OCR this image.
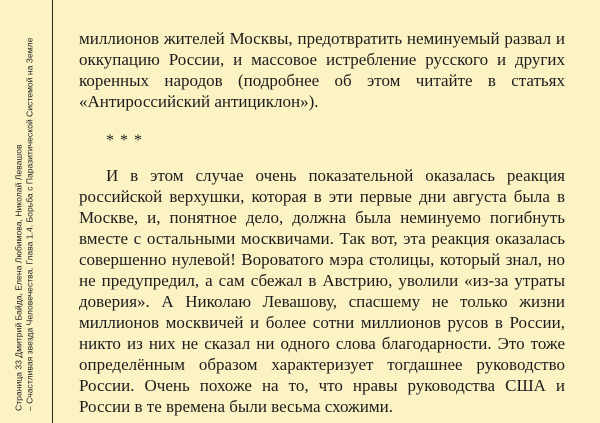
Страница 33 Дмитрий Байда, Елена Любимова, Николай Левашов – Счастливая звезда Человечества. Глава 1.4. Борьба с Паразитической Системой на Земле	миллионов жителей Москвы, предотвратить неминуемый развал и оккупацию России, и массовое истребление русского и других коренных народов (подробнее об этом читайте в статьях «Антироссийский антициклон»).

* * *

И в этом случае очень показательной оказалась реакция российской верхушки, которая в эти первые дни августа была в Москве, и, понятное дело, должна была неминуемо погибнуть вместе с остальными москвичами. Так вот, эта реакция оказалась совершенно нулевой! Вороватого мэра столицы, который знал, но не предупредил, а сам сбежал в Австрию, уволили «из-за утраты доверия». А Николаю Левашову, спасшему не только жизни миллионов москвичей и более сотни миллионов русов в России, никто из них не сказал ни одного слова благодарности. Это тоже определённым образом характеризует тогдашнее руководство России. Очень похоже на то, что нравы руководства США и России в те времена были весьма схожими.
